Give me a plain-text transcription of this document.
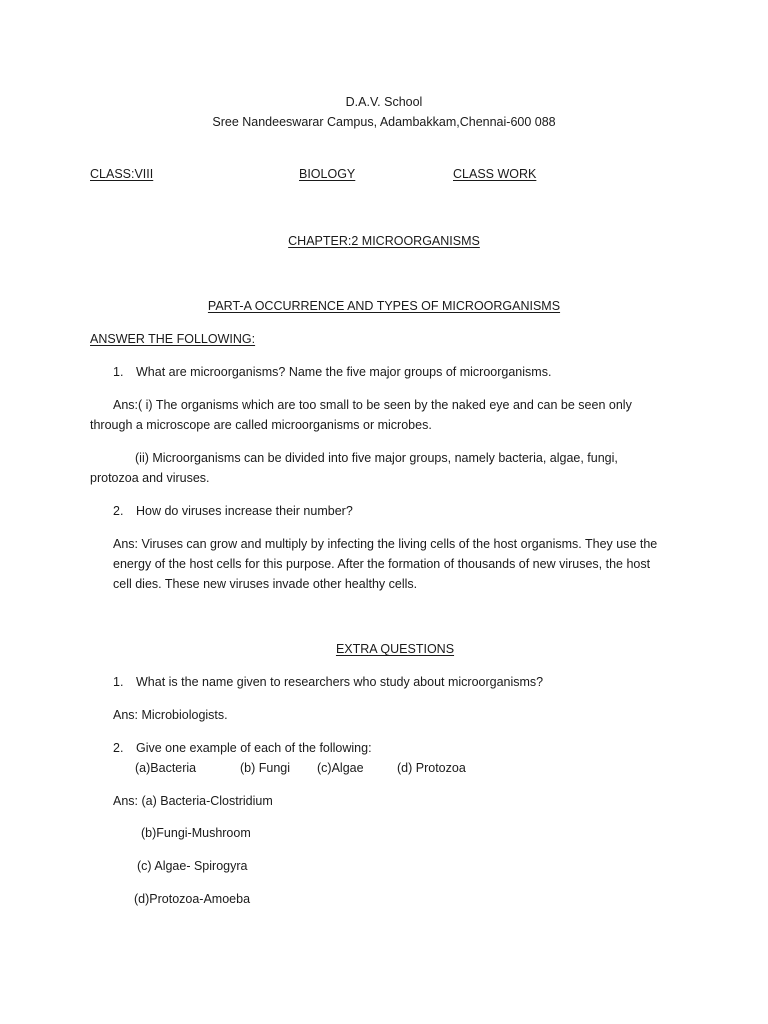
D.A.V. School
Sree Nandeeswarar Campus, Adambakkam,Chennai-600 088
CLASS:VIII	BIOLOGY	CLASS WORK
CHAPTER:2 MICROORGANISMS
PART-A OCCURRENCE AND TYPES OF MICROORGANISMS
ANSWER THE FOLLOWING:
1. What are microorganisms? Name the five major groups of microorganisms.
Ans:( i) The organisms which are too small to be seen by the naked eye and can be seen only
through a microscope are called microorganisms or microbes.
(ii) Microorganisms can be divided into five major groups, namely bacteria, algae, fungi,
protozoa and viruses.
2. How do viruses increase their number?
Ans: Viruses can grow and multiply by infecting the living cells of the host organisms. They use the
energy of the host cells for this purpose. After the formation of thousands of new viruses, the host
cell dies. These new viruses invade other healthy cells.
EXTRA QUESTIONS
1. What is the name given to researchers who study about microorganisms?
Ans: Microbiologists.
2. Give one example of each of the following:
(a)Bacteria	(b) Fungi (c)Algae	(d) Protozoa
Ans: (a) Bacteria-Clostridium
(b)Fungi-Mushroom
(c) Algae- Spirogyra
(d)Protozoa-Amoeba
